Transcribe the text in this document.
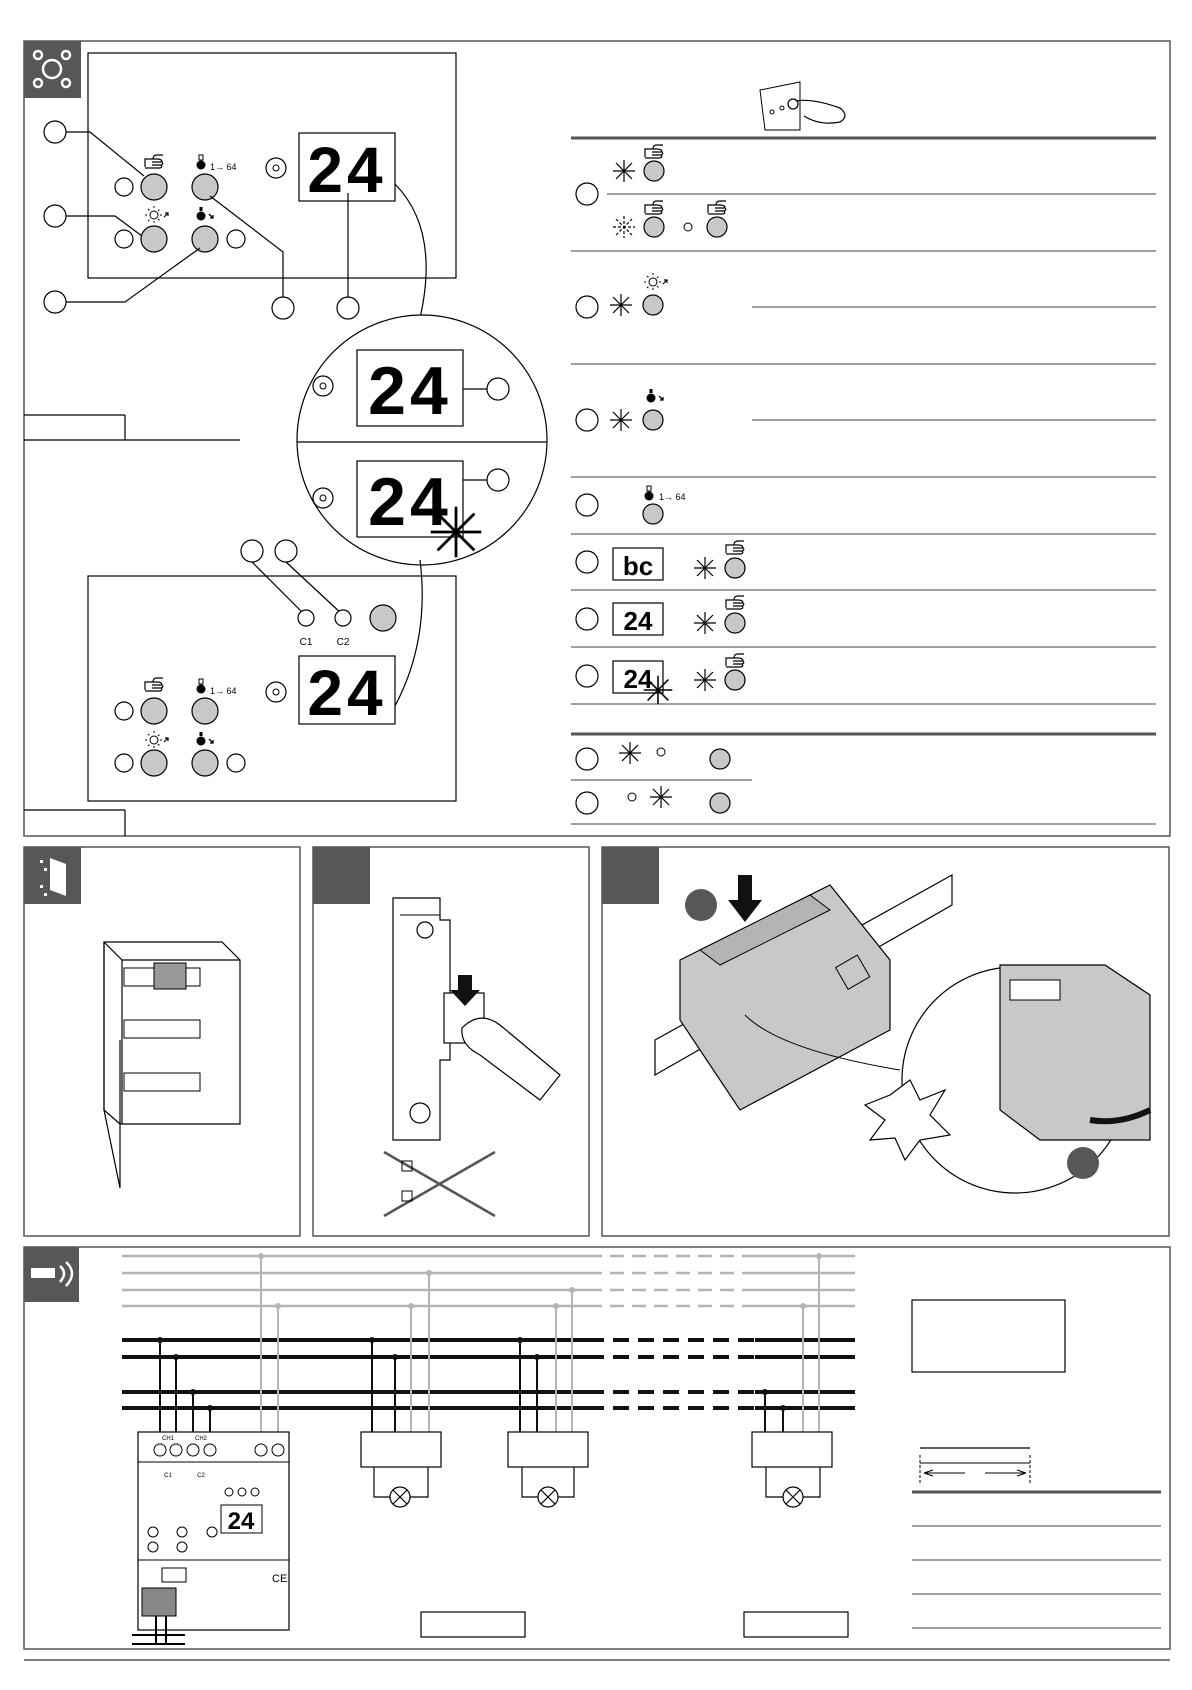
1→ 64 24
24
24
C1 C2
1→ 64 24
1→ 64
bc
24
24
CH1	CH2
C1	C2
24
CE
